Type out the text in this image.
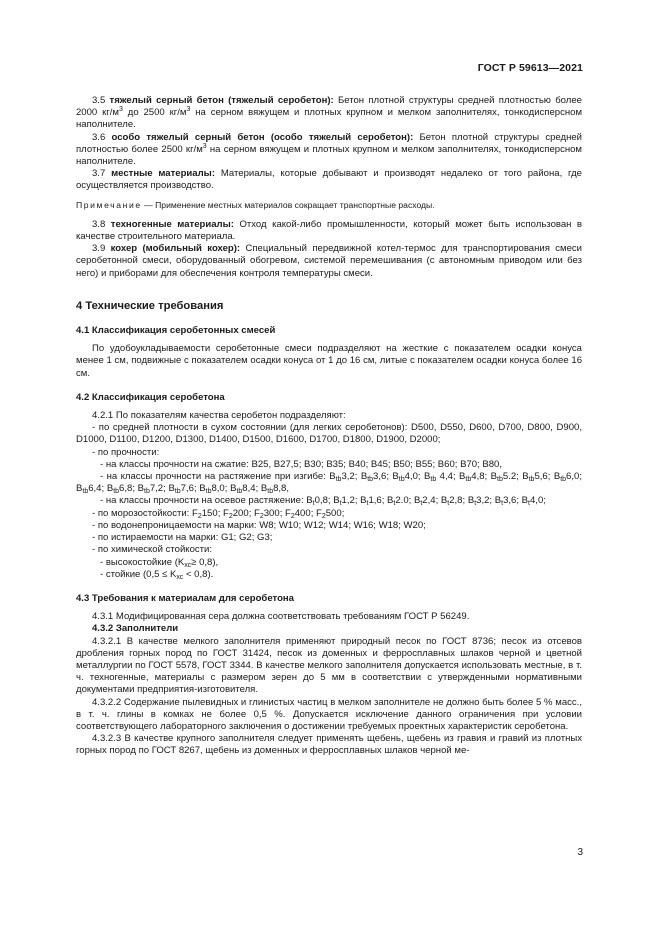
ГОСТ Р 59613—2021

3.5 тяжелый серный бетон (тяжелый серобетон): Бетон плотной структуры средней плотностью более 2000 $кг/м^3$ до 2500 $кг/м^3$ на серном вяжущем и плотных крупном и мелком заполнителях, тонкодисперсном наполнителе.

3.6 особо тяжелый серный бетон (особо тяжелый серобетон): Бетон плотной структуры средней плотностью более 2500 $кг/м^3$ на серном вяжущем и плотных крупном и мелком заполнителях, тонкодисперсном наполнителе.

3.7 местные материалы: Материалы, которые добывают и производят недалеко от того района, где осуществляется производство.

Примечание — Применение местных материалов сокращает транспортные расходы.

3.8 техногенные материалы: Отход какой-либо промышленности, который может быть использован в качестве строительного материала.

3.9 кохер (мобильный кохер): Специальный передвижной котел-термос для транспортирования смеси серобетонной смеси, оборудованный обогревом, системой перемешивания (с автономным приводом или без него) и приборами для обеспечения контроля температуры смеси.

4 Технические требования
4.1 Классификация серобетонных смесей

По удобоукладываемости серобетонные смеси подразделяют на жесткие с показателем осадки конуса менее 1 см, подвижные с показателем осадки конуса от 1 до 16 см, литые с показателем осадки конуса более 16 см.

4.2 Классификация серобетона

4.2.1 По показателям качества серобетон подразделяют:

- по средней плотности в сухом состоянии (для легких серобетонов): D500, D550, D600, D700, D800, D900, D1000, D1100, D1200, D1300, D1400, D1500, D1600, D1700, D1800, D1900, D2000;

- по прочности:

- на классы прочности на сжатие: B25, B27,5; B30; B35; B40; B45; B50; B55; B60; B70; B80,

- на классы прочности на растяжение при изгибе: $B_{tb}3,2$; $B_{tb}3,6$; $B_{tb}4,0$; $B_{tb}$ 4,4; $B_{tb}4,8$; $B_{tb}5.2$; $B_{tb}5,6$; $B_{tb}6,0$; $B_{tb}6,4$; $B_{tb}6,8$; $B_{tb}7,2$; $B_{tb}7,6$; $B_{tb}8,0$; $B_{tb}8,4$; $B_{tb}8,8$,

- на классы прочности на осевое растяжение: $B_t0,8$; $B_t1,2$; $B_t1,6$; $B_t2.0$; $B_t2,4$; $B_t2,8$; $B_t3,2$; $B_t3,6$; $B_t4,0$;

- по морозостойкости: $F_2150$; $F_2200$; $F_2300$; $F_2400$; $F_2500$;

- по водонепроницаемости на марки: W8; W10; W12; W14; W16; W18; W20;

- по истираемости на марки: G1; G2; G3;

- по химической стойкости:

- высокостойкие $(K_{хс}\ge 0,8)$,

- стойкие $(0,5 \le K_{хс} < 0,8)$.

4.3 Требования к материалам для серобетона

4.3.1 Модифицированная сера должна соответствовать требованиям ГОСТ Р 56249.

4.3.2 Заполнители

4.3.2.1 В качестве мелкого заполнителя применяют природный песок по ГОСТ 8736; песок из отсевов дробления горных пород по ГОСТ 31424, песок из доменных и ферросплавных шлаков черной и цветной металлургии по ГОСТ 5578, ГОСТ 3344. В качестве мелкого заполнителя допускается использовать местные, в т. ч. техногенные, материалы с размером зерен до 5 мм в соответствии с утвержденными нормативными документами предприятия-изготовителя.

4.3.2.2 Содержание пылевидных и глинистых частиц в мелком заполнителе не должно быть более 5 % масс., в т. ч. глины в комках не более 0,5 %. Допускается исключение данного ограничения при условии соответствующего лабораторного заключения о достижении требуемых проектных характеристик серобетона.

4.3.2.3 В качестве крупного заполнителя следует применять щебень, щебень из гравия и гравий из плотных горных пород по ГОСТ 8267, щебень из доменных и ферросплавных шлаков черной ме-

3
